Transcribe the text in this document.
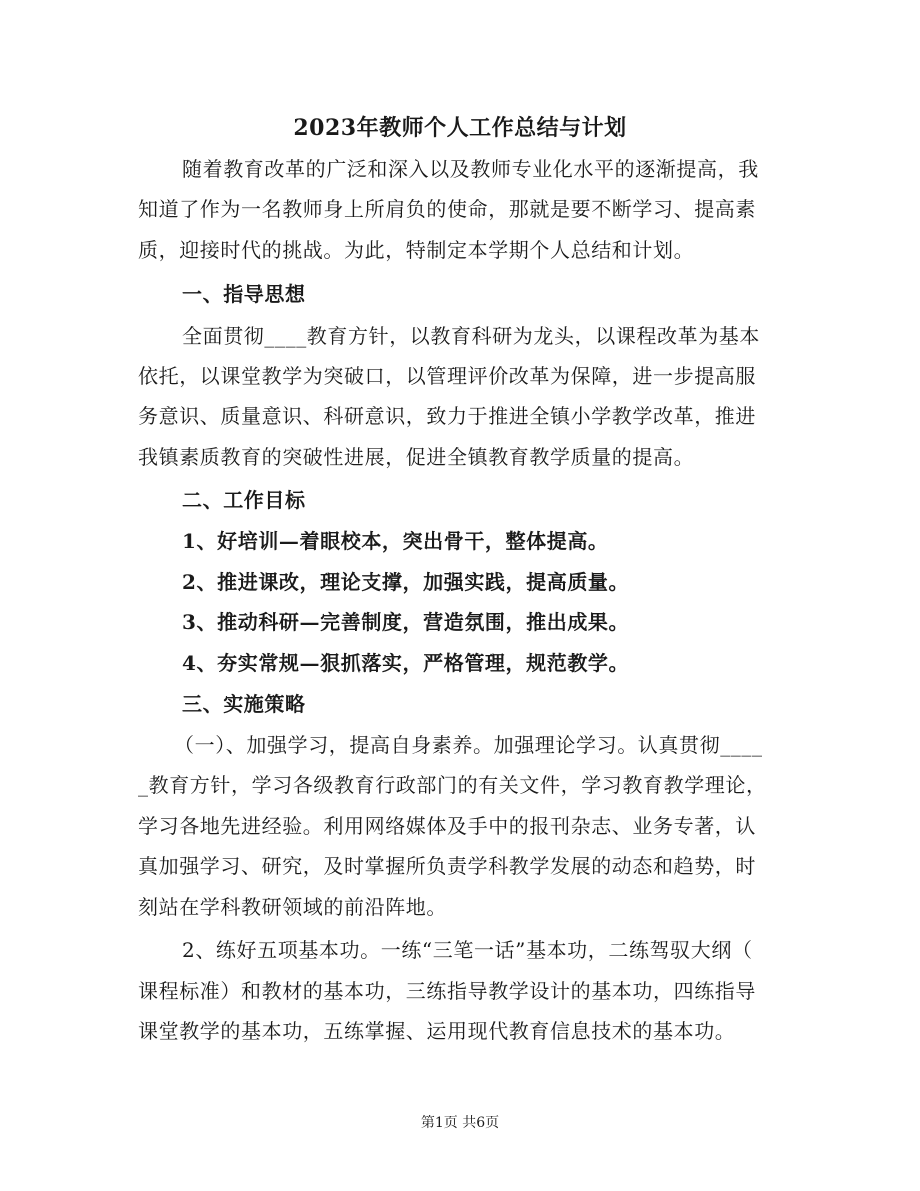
2023年教师个人工作总结与计划
随着教育改革的广泛和深入以及教师专业化水平的逐渐提高，我
知道了作为一名教师身上所肩负的使命，那就是要不断学习、提高素
质，迎接时代的挑战。为此，特制定本学期个人总结和计划。
一、指导思想
全面贯彻____教育方针，以教育科研为龙头，以课程改革为基本
依托，以课堂教学为突破口，以管理评价改革为保障，进一步提高服
务意识、质量意识、科研意识，致力于推进全镇小学教学改革，推进
我镇素质教育的突破性进展，促进全镇教育教学质量的提高。
二、工作目标
1、好培训—着眼校本，突出骨干，整体提高。
2、推进课改，理论支撑，加强实践，提高质量。
3、推动科研—完善制度，营造氛围，推出成果。
4、夯实常规—狠抓落实，严格管理，规范教学。
三、实施策略
（一）、加强学习，提高自身素养。加强理论学习。认真贯彻____
_教育方针，学习各级教育行政部门的有关文件，学习教育教学理论，
学习各地先进经验。利用网络媒体及手中的报刊杂志、业务专著，认
真加强学习、研究，及时掌握所负责学科教学发展的动态和趋势，时
刻站在学科教研领域的前沿阵地。
2、练好五项基本功。一练“三笔一话”基本功，二练驾驭大纲（
课程标准）和教材的基本功，三练指导教学设计的基本功，四练指导
课堂教学的基本功，五练掌握、运用现代教育信息技术的基本功。
第1页 共6页
